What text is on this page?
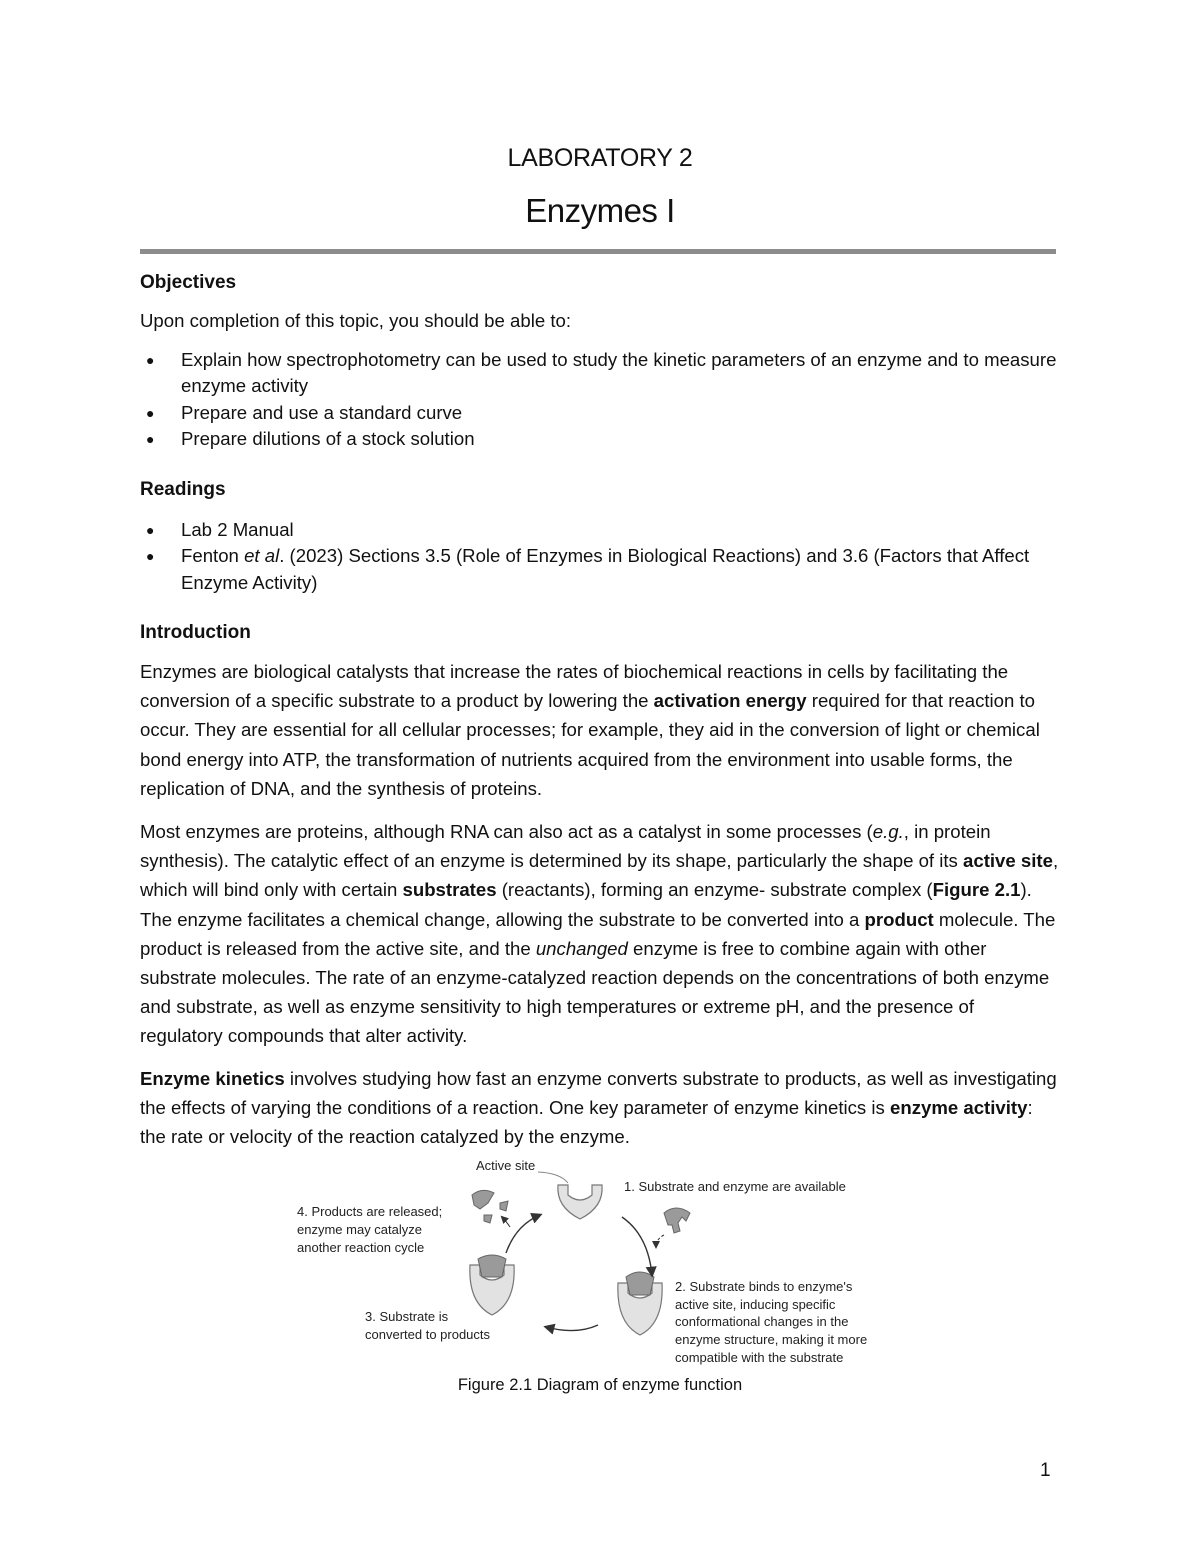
LABORATORY 2
Enzymes I
Objectives

Upon completion of this topic, you should be able to:

● Explain how spectrophotometry can be used to study the kinetic parameters of an enzyme and to measure enzyme activity
● Prepare and use a standard curve
● Prepare dilutions of a stock solution
Readings
● Lab 2 Manual
● Fenton et al. (2023) Sections 3.5 (Role of Enzymes in Biological Reactions) and 3.6 (Factors that Affect Enzyme Activity)
Introduction

Enzymes are biological catalysts that increase the rates of biochemical reactions in cells by facilitating the conversion of a specific substrate to a product by lowering the activation energy required for that reaction to occur. They are essential for all cellular processes; for example, they aid in the conversion of light or chemical bond energy into ATP, the transformation of nutrients acquired from the environment into usable forms, the replication of DNA, and the synthesis of proteins.

Most enzymes are proteins, although RNA can also act as a catalyst in some processes (e.g., in protein synthesis). The catalytic effect of an enzyme is determined by its shape, particularly the shape of its active site, which will bind only with certain substrates (reactants), forming an enzyme- substrate complex (Figure 2.1). The enzyme facilitates a chemical change, allowing the substrate to be converted into a product molecule. The product is released from the active site, and the unchanged enzyme is free to combine again with other substrate molecules. The rate of an enzyme-catalyzed reaction depends on the concentrations of both enzyme and substrate, as well as enzyme sensitivity to high temperatures or extreme pH, and the presence of regulatory compounds that alter activity.

Enzyme kinetics involves studying how fast an enzyme converts substrate to products, as well as investigating the effects of varying the conditions of a reaction. One key parameter of enzyme kinetics is enzyme activity: the rate or velocity of the reaction catalyzed by the enzyme.

Active site
1. Substrate and enzyme are available
4. Products are released;
enzyme may catalyze
another reaction cycle
3. Substrate is
converted to products
2. Substrate binds to enzyme's
active site, inducing specific
conformational changes in the
enzyme structure, making it more
compatible with the substrate
Figure 2.1 Diagram of enzyme function
1
